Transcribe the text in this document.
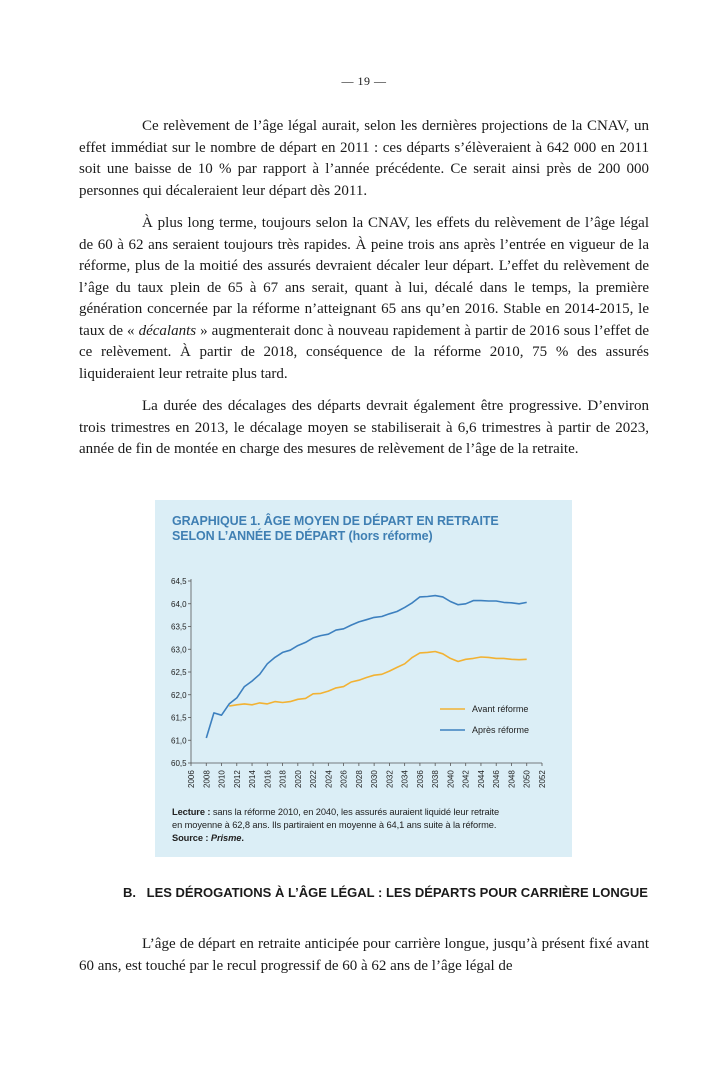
— 19 —

Ce relèvement de l’âge légal aurait, selon les dernières projections de la CNAV, un effet immédiat sur le nombre de départ en 2011 : ces départs s’élèveraient à 642 000 en 2011 soit une baisse de 10 % par rapport à l’année précédente. Ce serait ainsi près de 200 000 personnes qui décaleraient leur départ dès 2011.

À plus long terme, toujours selon la CNAV, les effets du relèvement de l’âge légal de 60 à 62 ans seraient toujours très rapides. À peine trois ans après l’entrée en vigueur de la réforme, plus de la moitié des assurés devraient décaler leur départ. L’effet du relèvement de l’âge du taux plein de 65 à 67 ans serait, quant à lui, décalé dans le temps, la première génération concernée par la réforme n’atteignant 65 ans qu’en 2016. Stable en 2014-2015, le taux de « décalants » augmenterait donc à nouveau rapidement à partir de 2016 sous l’effet de ce relèvement. À partir de 2018, conséquence de la réforme 2010, 75 % des assurés liquideraient leur retraite plus tard.

La durée des décalages des départs devrait également être progressive. D’environ trois trimestres en 2013, le décalage moyen se stabiliserait à 6,6 trimestres à partir de 2023, année de fin de montée en charge des mesures de relèvement de l’âge de la retraite.

60,5
61,0
61,5
62,0
62,5
63,0
63,5
64,0
64,5
2006 2008 2010 2012 2014 2016 2018 2020 2022 2024 2026 2028 2030 2032 2034 2036 2038 2040 2042 2044 2046 2048 2050 2052
Avant réforme
Après réforme
GRAPHIQUE 1. ÂGE MOYEN DE DÉPART EN RETRAITE
SELON L’ANNÉE DE DÉPART (hors réforme)
Lecture : sans la réforme 2010, en 2040, les assurés auraient liquidé leur retraite
en moyenne à 62,8 ans. Ils partiraient en moyenne à 64,1 ans suite à la réforme.
Source : Prisme.
B. LES DÉROGATIONS À L’ÂGE LÉGAL : LES DÉPARTS POUR CARRIÈRE LONGUE

L’âge de départ en retraite anticipée pour carrière longue, jusqu’à présent fixé avant 60 ans, est touché par le recul progressif de 60 à 62 ans de l’âge légal de
